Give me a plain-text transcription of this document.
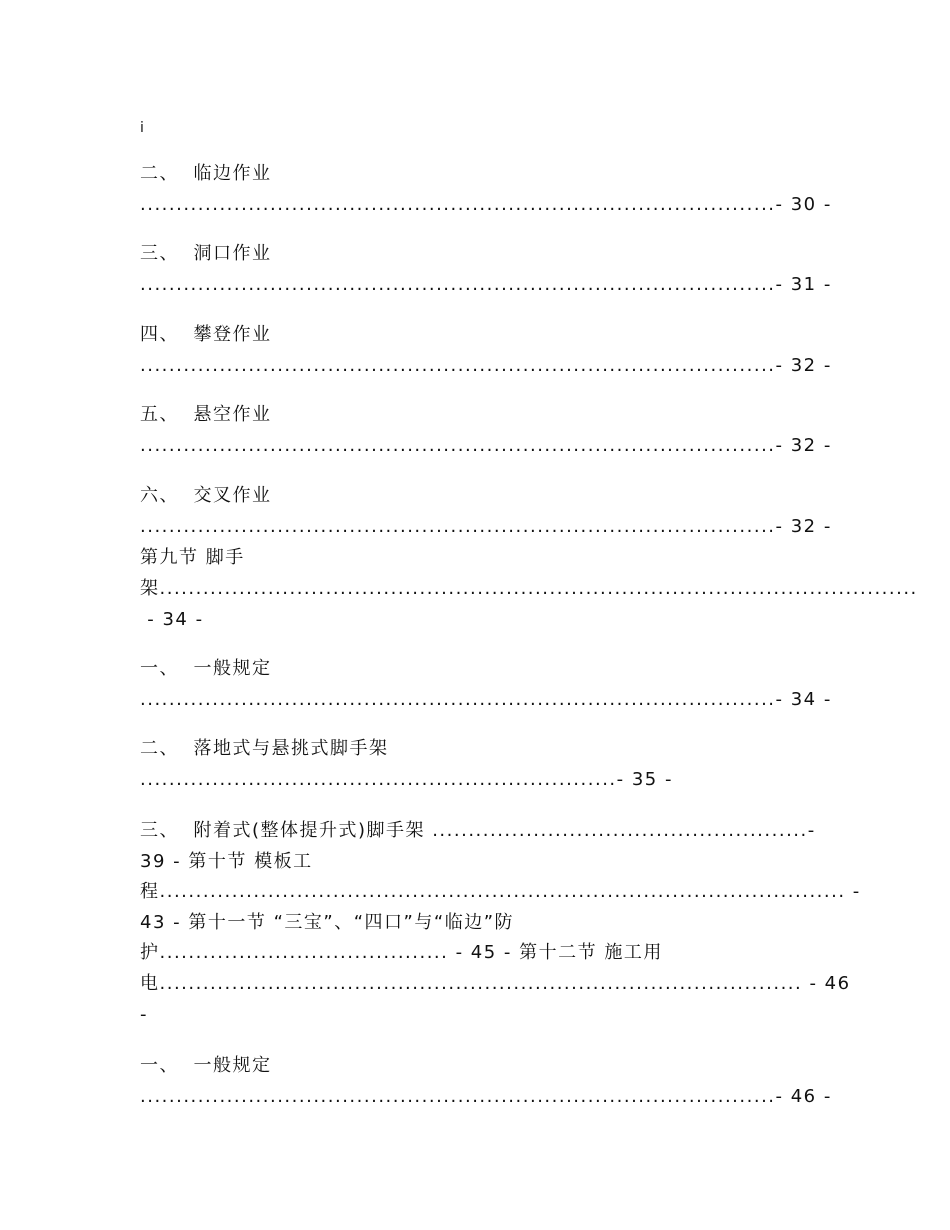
i
二、  临边作业
........................................................................................- 30 -
三、  洞口作业
........................................................................................- 31 -
四、  攀登作业
........................................................................................- 32 -
五、  悬空作业
........................................................................................- 32 -
六、  交叉作业
........................................................................................- 32 -
第九节 脚手
架.........................................................................................................
- 34 -
一、  一般规定
........................................................................................- 34 -
二、  落地式与悬挑式脚手架
..................................................................- 35 -
三、  附着式(整体提升式)脚手架 ....................................................-
39 - 第十节 模板工
程............................................................................................... -
43 - 第十一节 “三宝”、“四口”与“临边”防
护........................................ - 45 - 第十二节 施工用
电......................................................................................... - 46
-
一、  一般规定
........................................................................................- 46 -
